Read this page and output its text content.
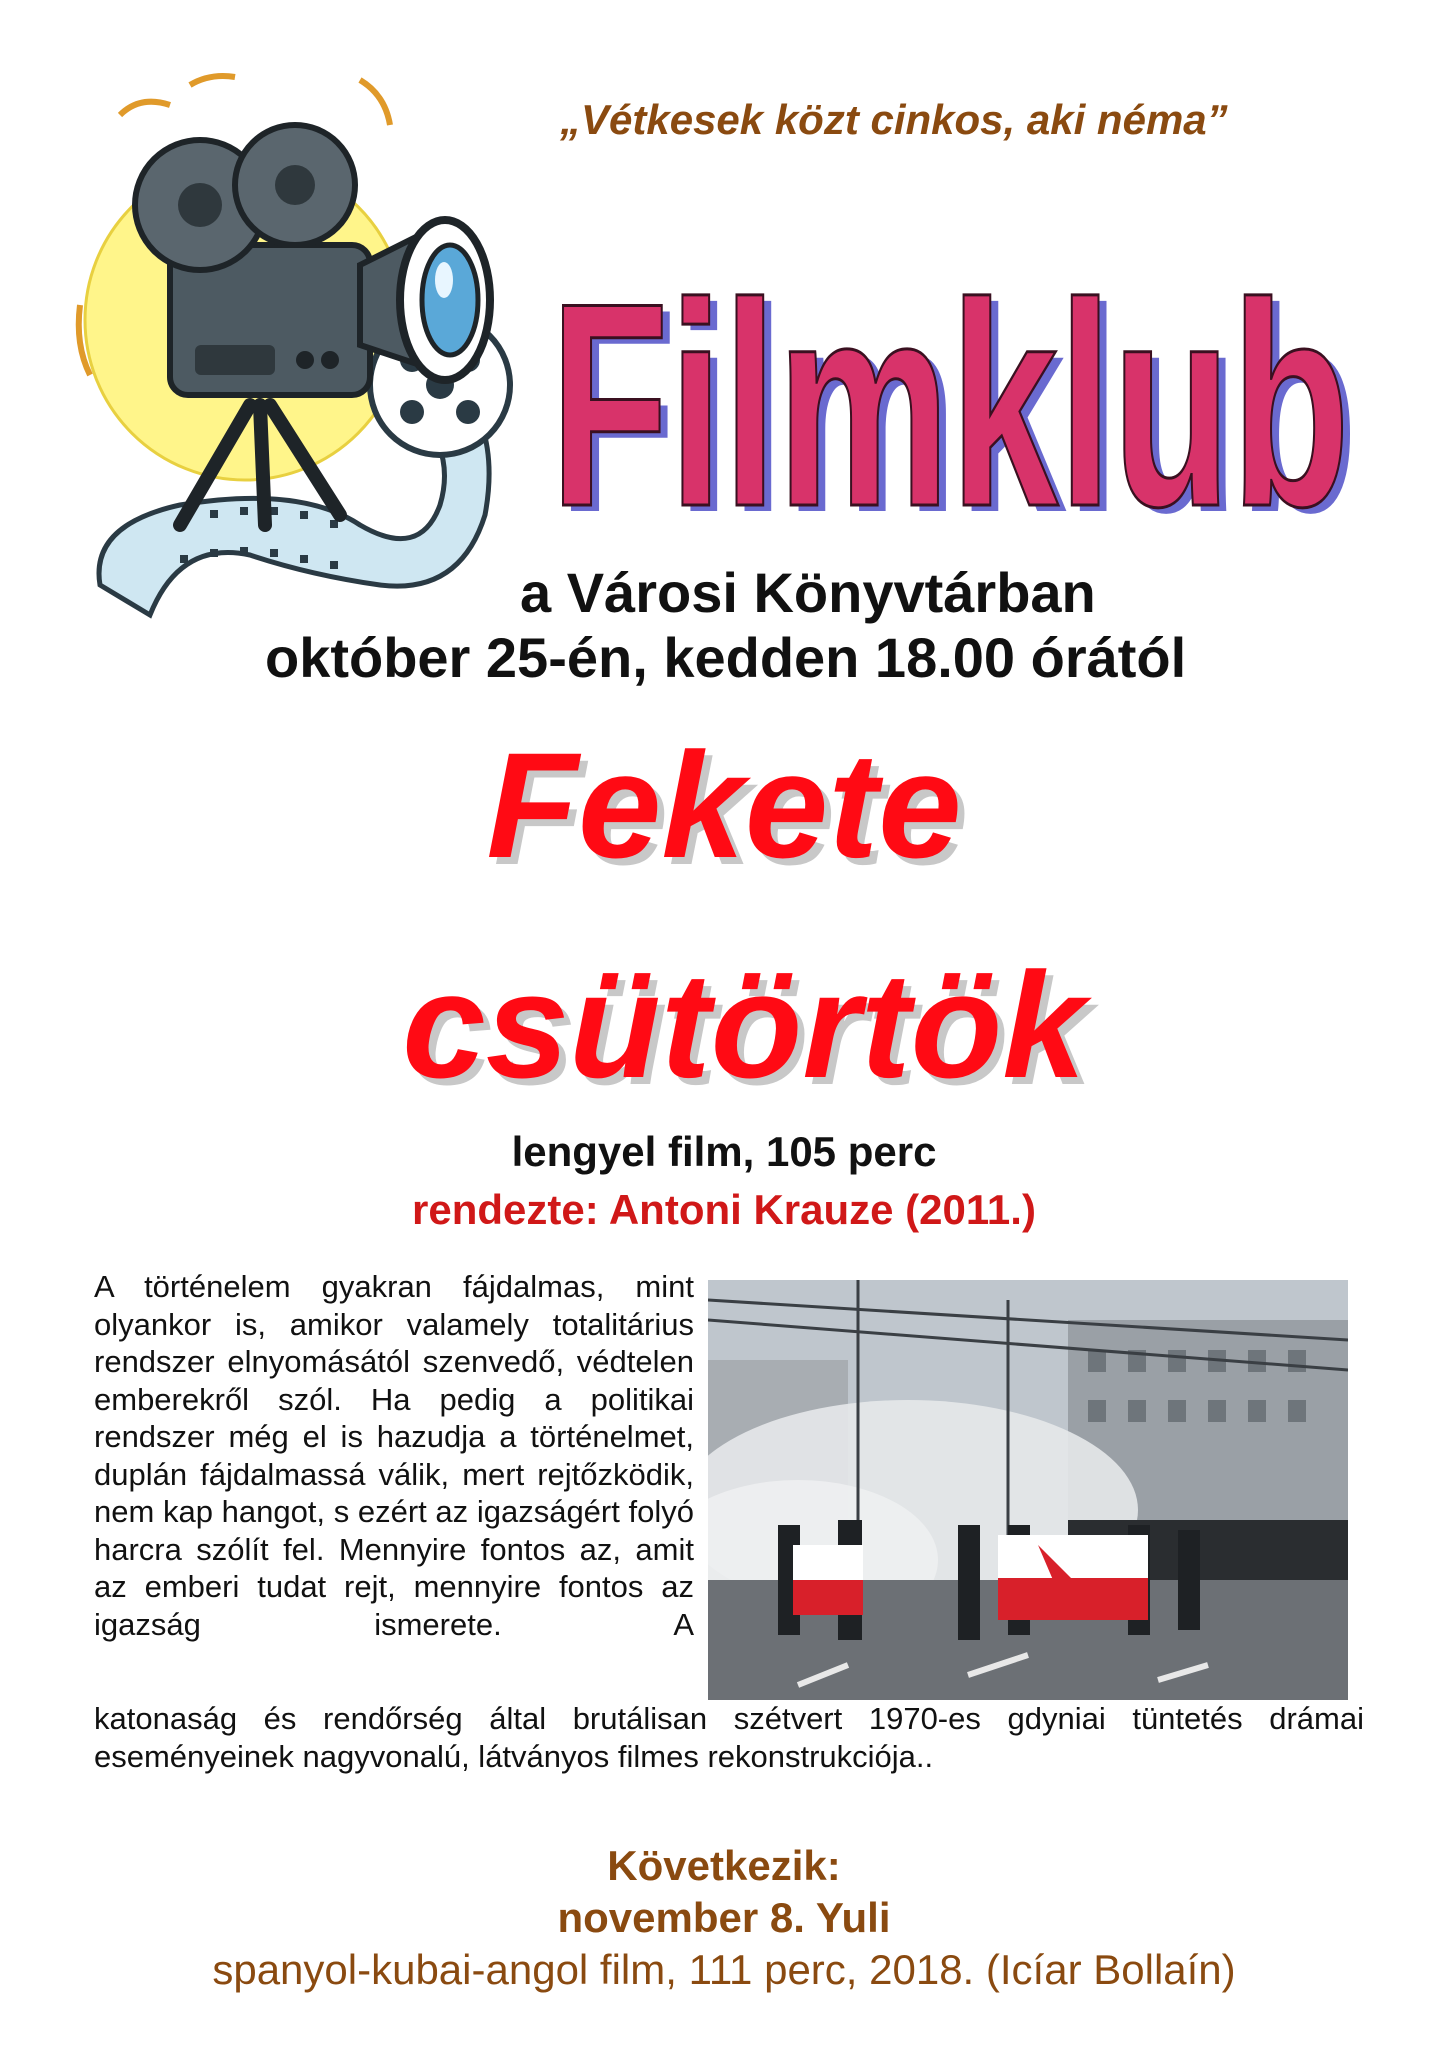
„Vétkesek közt cinkos, aki néma”
Filmklub
Filmklub
a Városi Könyvtárban
október 25-én, kedden 18.00 órától
Fekete
csütörtök
lengyel film, 105 perc
rendezte: Antoni Krauze (2011.)
A történelem gyakran fájdalmas, mint olyankor is, amikor valamely totalitárius rendszer elnyomásától szenvedő, védtelen emberekről szól. Ha pedig a politikai rendszer még el is hazudja a történelmet, duplán fájdalmassá válik, mert rejtőzködik, nem kap hangot, s ezért az igazságért folyó harcra szólít fel. Mennyire fontos az, amit az emberi tudat rejt, mennyire fontos az igazság ismerete. A
katonaság és rendőrség által brutálisan szétvert 1970-es gdyniai tüntetés drámai eseményeinek nagyvonalú, látványos filmes rekonstrukciója..
Következik:
november 8. Yuli
spanyol-kubai-angol film, 111 perc, 2018. (Icíar Bollaín)
